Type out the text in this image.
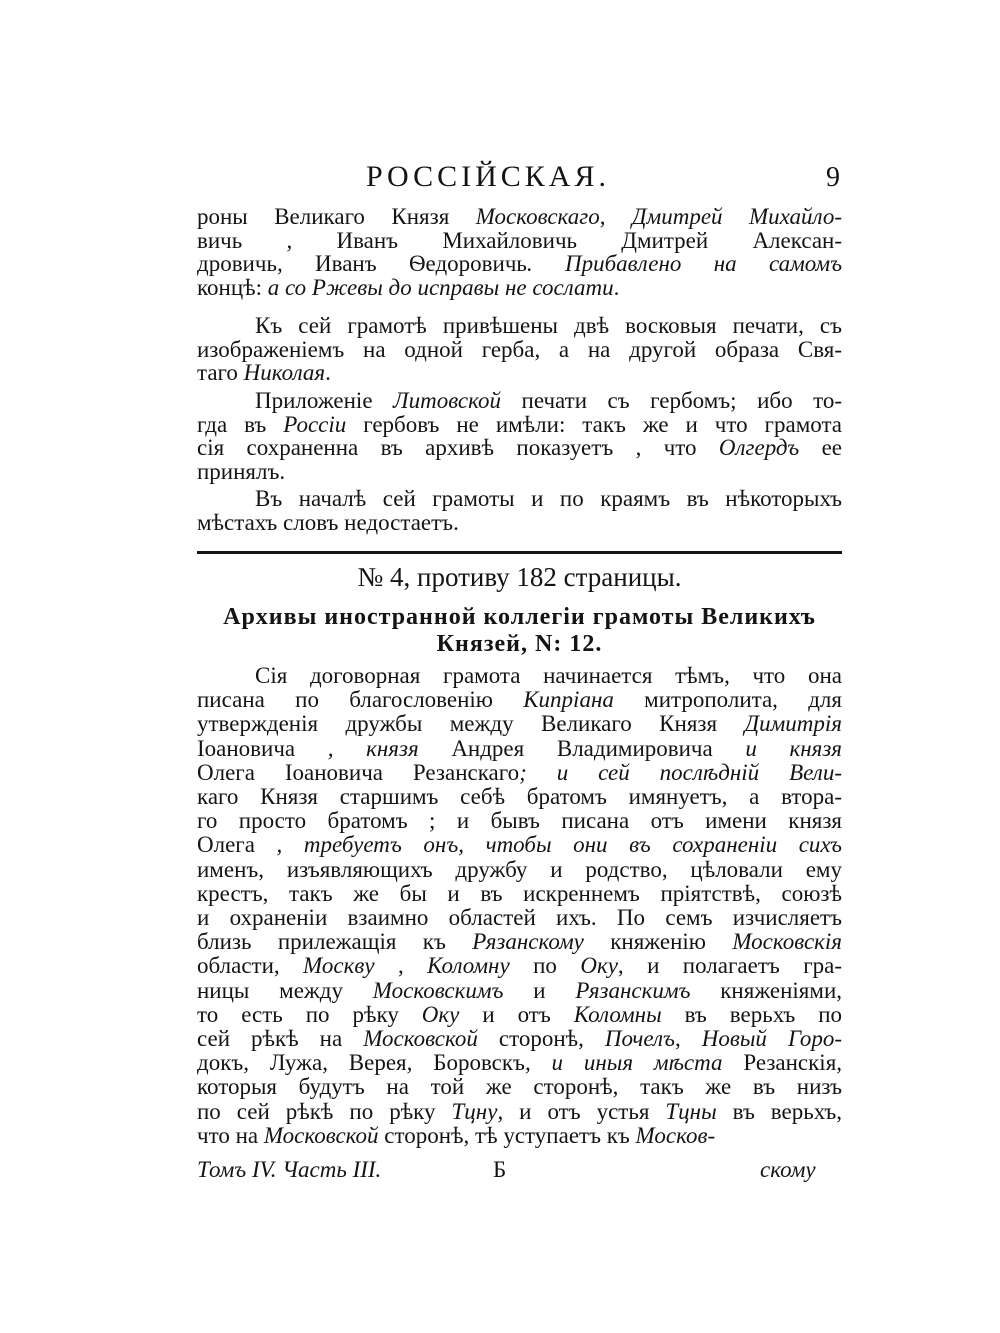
РОССІЙСКАЯ.	9
роны Великаго Князя Московскаго, Дмитрей Михайло-
вичь , Иванъ Михайловичь Дмитрей Алексан-
дровичь, Иванъ Ѳедоровичь. Прибавлено на самомъ
концѣ: а со Ржевы до исправы не сослати.
Къ сей грамотѣ привѣшены двѣ восковыя печати, съ
изображеніемъ на одной герба, а на другой образа Свя-
таго Николая.
Приложеніе Литовской печати съ гербомъ; ибо то-
гда въ Россіи гербовъ не имѣли: такъ же и что грамота
сія сохраненна въ архивѣ показуетъ , что Олгердъ ее
принялъ.
Въ началѣ сей грамоты и по краямъ въ нѣкоторыхъ
мѣстахъ словъ недостаетъ.
№ 4, противу 182 страницы.
Архивы иностранной коллегіи грамоты Великихъ
Князей, N: 12.
Сія договорная грамота начинается тѣмъ, что она
писана по благословенію Кипріана митрополита, для
утвержденія дружбы между Великаго Князя Димитрія
Іоановича , князя Андрея Владимировича и князя
Олега Іоановича Резанскаго; и сей послѣдній Вели-
каго Князя старшимъ себѣ братомъ имянуетъ, а втора-
го просто братомъ ; и бывъ писана отъ имени князя
Олега , требуетъ онъ, чтобы они въ сохраненіи сихъ
именъ, изъявляющихъ дружбу и родство, цѣловали ему
крестъ, такъ же бы и въ искреннемъ пріятствѣ, союзѣ
и охраненіи взаимно областей ихъ. По семъ изчисляетъ
близь прилежащія къ Рязанскому княженію Московскія
области, Москву , Коломну по Оку, и полагаетъ гра-
ницы между Московскимъ и Рязанскимъ княженіями,
то есть по рѣку Оку и отъ Коломны въ верьхъ по
сей рѣкѣ на Московской сторонѣ, Почелъ, Новый Горо-
докъ, Лужа, Верея, Боровскъ, и иныя мѣста Резанскія,
которыя будутъ на той же сторонѣ, такъ же въ низъ
по сей рѣкѣ по рѣку Тцну, и отъ устья Тцны въ верьхъ,
что на Московской сторонѣ, тѣ уступаетъ къ Москов-
Томъ IV. Часть III.	Б	скому
